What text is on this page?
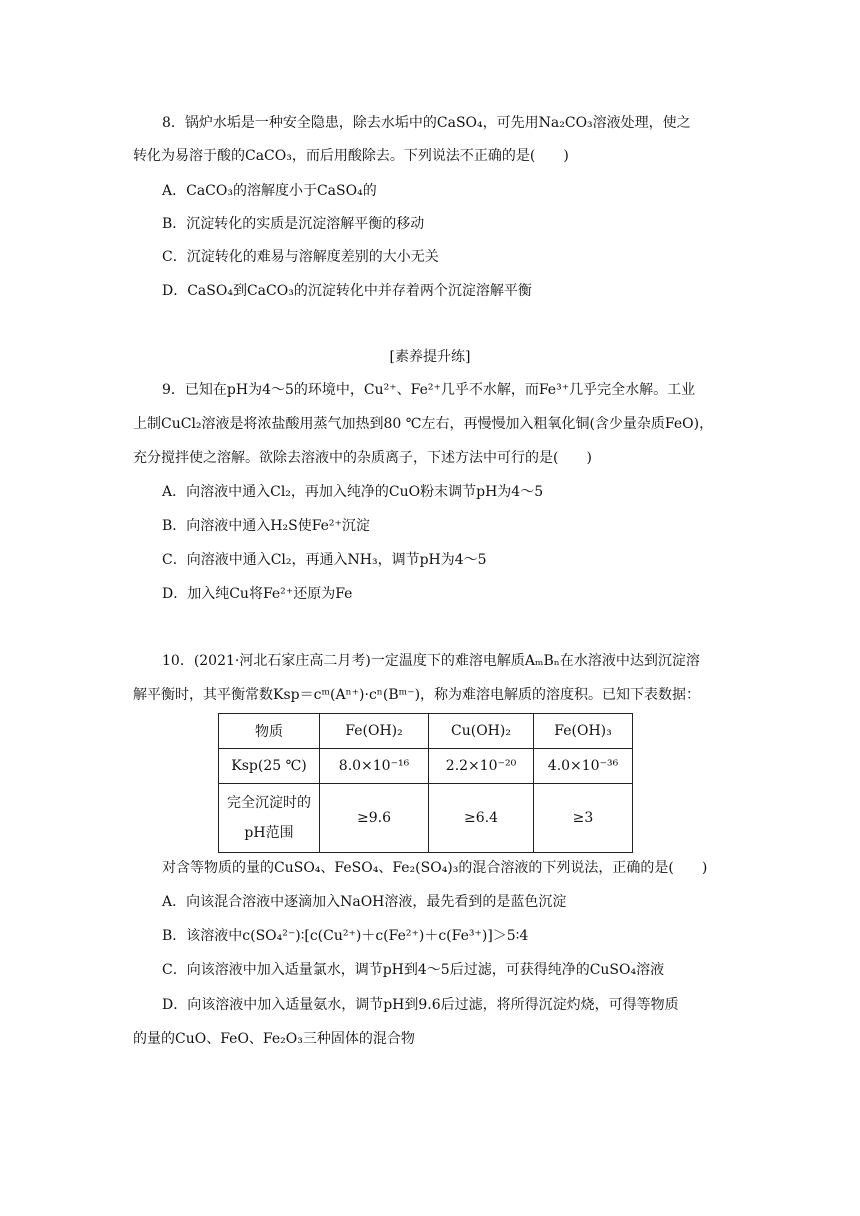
8．锅炉水垢是一种安全隐患，除去水垢中的CaSO₄，可先用Na₂CO₃溶液处理，使之
转化为易溶于酸的CaCO₃，而后用酸除去。下列说法不正确的是(　　)
A．CaCO₃的溶解度小于CaSO₄的
B．沉淀转化的实质是沉淀溶解平衡的移动
C．沉淀转化的难易与溶解度差别的大小无关
D．CaSO₄到CaCO₃的沉淀转化中并存着两个沉淀溶解平衡
[素养提升练]
9．已知在pH为4～5的环境中，Cu²⁺、Fe²⁺几乎不水解，而Fe³⁺几乎完全水解。工业
上制CuCl₂溶液是将浓盐酸用蒸气加热到80 ℃左右，再慢慢加入粗氧化铜(含少量杂质FeO)，
充分搅拌使之溶解。欲除去溶液中的杂质离子，下述方法中可行的是(　　)
A．向溶液中通入Cl₂，再加入纯净的CuO粉末调节pH为4～5
B．向溶液中通入H₂S使Fe²⁺沉淀
C．向溶液中通入Cl₂，再通入NH₃，调节pH为4～5
D．加入纯Cu将Fe²⁺还原为Fe
10．(2021·河北石家庄高二月考)一定温度下的难溶电解质AₘBₙ在水溶液中达到沉淀溶
解平衡时，其平衡常数Ksp＝cᵐ(Aⁿ⁺)·cⁿ(Bᵐ⁻)，称为难溶电解质的溶度积。已知下表数据：
物质	Fe(OH)₂	Cu(OH)₂	Fe(OH)₃
Ksp(25 ℃)	8.0×10⁻¹⁶	2.2×10⁻²⁰	4.0×10⁻³⁶

完全沉淀时的
pH范围	≥9.6	≥6.4	≥3
对含等物质的量的CuSO₄、FeSO₄、Fe₂(SO₄)₃的混合溶液的下列说法，正确的是(　　)
A．向该混合溶液中逐滴加入NaOH溶液，最先看到的是蓝色沉淀
B．该溶液中c(SO₄²⁻)∶[c(Cu²⁺)＋c(Fe²⁺)＋c(Fe³⁺)]＞5∶4
C．向该溶液中加入适量氯水，调节pH到4～5后过滤，可获得纯净的CuSO₄溶液
D．向该溶液中加入适量氨水，调节pH到9.6后过滤，将所得沉淀灼烧，可得等物质
的量的CuO、FeO、Fe₂O₃三种固体的混合物
